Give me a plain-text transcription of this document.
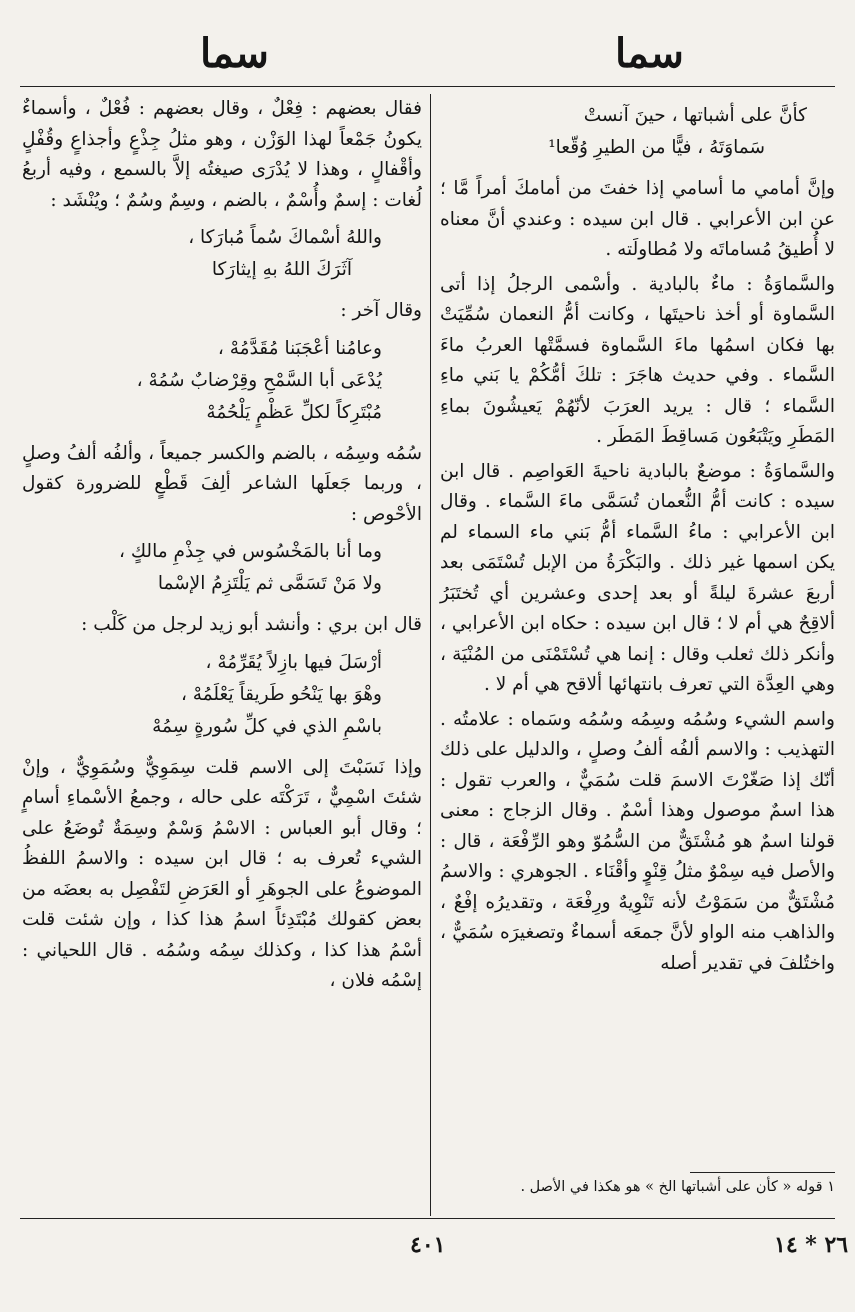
سما
سما
كأنَّ على أشباتها ، حينَ آنستْ
سَماوَتَهُ ، فيًّا من الطيرِ وُقّعا¹

وإنَّ أمامي ما أسامي إذا خفتَ من أمامكَ أمراً مَّا ؛ عن ابن الأعرابي . قال ابن سيده : وعندي أنَّ معناه لا أُطيقُ مُساماتَه ولا مُطاولَته .

والسَّماوَةُ : ماءٌ بالبادية . وأسْمى الرجلُ إذا أتى السَّماوة أو أخذ ناحيتَها ، وكانت أمُّ النعمان سُمِّيَتْ بها فكان اسمُها ماءَ السَّماوة فسمَّتْها العربُ ماءَ السَّماء . وفي حديث هاجَرَ : تلكَ أمُّكُمْ يا بَني ماءِ السَّماء ؛ قال : يريد العرَبَ لأنّهُمْ يَعيشُونَ بماءِ المَطَرِ ويَتْبَعُون مَساقِطَ المَطَر .

والسَّماوَةُ : موضعٌ بالبادية ناحيةَ العَواصِم . قال ابن سيده : كانت أمُّ النُّعمان تُسَمَّى ماءَ السَّماء . وقال ابن الأعرابي : ماءُ السَّماء أمُّ بَني ماء السماء لم يكن اسمها غير ذلك . والبَكْرَةُ من الإبل تُسْتَمَى بعد أربعَ عشرةَ ليلةً أو بعد إحدى وعشرين أي تُختَبَرُ ألاقِحٌ هي أم لا ؛ قال ابن سيده : حكاه ابن الأعرابي ، وأنكر ذلك ثعلب وقال : إنما هي تُسْتَمْنَى من المُنْيَة ، وهي العِدَّة التي تعرف بانتهائها ألاقح هي أم لا .

واسم الشيء وسُمُه وسِمُه وسُمُه وسَماه : علامتُه . التهذيب : والاسم ألفُه ألفُ وصلٍ ، والدليل على ذلك أنّك إذا صَغّرْتَ الاسمَ قلت سُمَيٌّ ، والعرب تقول : هذا اسمٌ موصول وهذا أسْمٌ . وقال الزجاج : معنى قولنا اسمٌ هو مُشْتَقٌّ من السُّمُوّ وهو الرِّفْعَة ، قال : والأصل فيه سِمْوٌ مثلُ قِنْوٍ وأقْنَاء . الجوهري : والاسمُ مُشْتَقٌّ من سَمَوْتُ لأنه تَنْوِيهٌ ورِفْعَة ، وتقديرُه إفْعٌ ، والذاهب منه الواو لأنَّ جمعَه أسماءٌ وتصغيرَه سُمَيٌّ ، واختُلفَ في تقدير أصله

فقال بعضهم : فِعْلٌ ، وقال بعضهم : فُعْلٌ ، وأسماءٌ يكونُ جَمْعاً لهذا الوَزْن ، وهو مثلُ جِذْعٍ وأجذاعٍ وقُفْلٍ وأقْفالٍ ، وهذا لا يُدْرَى صيغتُه إلاَّ بالسمع ، وفيه أربعُ لُغات : إسمٌ وأُسْمٌ ، بالضم ، وسِمٌ وسُمٌ ؛ ويُنْشَد :

واللهُ أسْماكَ سُماً مُبارَكا ،
آثَرَكَ اللهُ بهِ إيثارَكا

وقال آخر :

وعامُنا أعْجَبَنا مُقَدَّمُهْ ،
يُدْعَى أبا السَّمْحِ وقِرْضابٌ سُمُهْ ،
مُبْتَرِكاً لكلِّ عَظْمٍ يَلْحُمُهْ

سُمُه وسِمُه ، بالضم والكسر جميعاً ، وألفُه ألفُ وصلٍ ، وربما جَعلَها الشاعر ألِفَ قَطْعٍ للضرورة كقول الأحْوص :

وما أنا بالمَخْسُوس في جِذْمِ مالكٍ ،
ولا مَنْ تَسَمَّى ثم يَلْتَزِمُ الإسْما

قال ابن بري : وأنشد أبو زيد لرجل من كَلْب :

أرْسَلَ فيها بازِلاً يُقَرِّمُهْ ،
وهْوَ بها يَنْحُو طَريقاً يَعْلَمُهْ ،
باسْمِ الذي في كلِّ سُورةٍ سِمُهْ

وإذا نَسَبْتَ إلى الاسم قلت سِمَوِيٌّ وسُمَوِيٌّ ، وإنْ شئتَ اسْمِيٌّ ، تَرَكْتَه على حاله ، وجمعُ الأسْماءِ أسامٍ ؛ وقال أبو العباس : الاسْمُ وَسْمٌ وسِمَةٌ تُوضَعُ على الشيء تُعرف به ؛ قال ابن سيده : والاسمُ اللفظُ الموضوعُ على الجوهَرِ أو العَرَضِ لتَفْصِل به بعضَه من بعض كقولك مُبْتَدِئاً اسمُ هذا كذا ، وإن شئت قلت أسْمُ هذا كذا ، وكذلك سِمُه وسُمُه . قال اللحياني : إسْمُه فلان ،

١ قوله « كأن على أشباتها الخ » هو هكذا في الأصل .
٤٠١	٢٦ * ١٤
